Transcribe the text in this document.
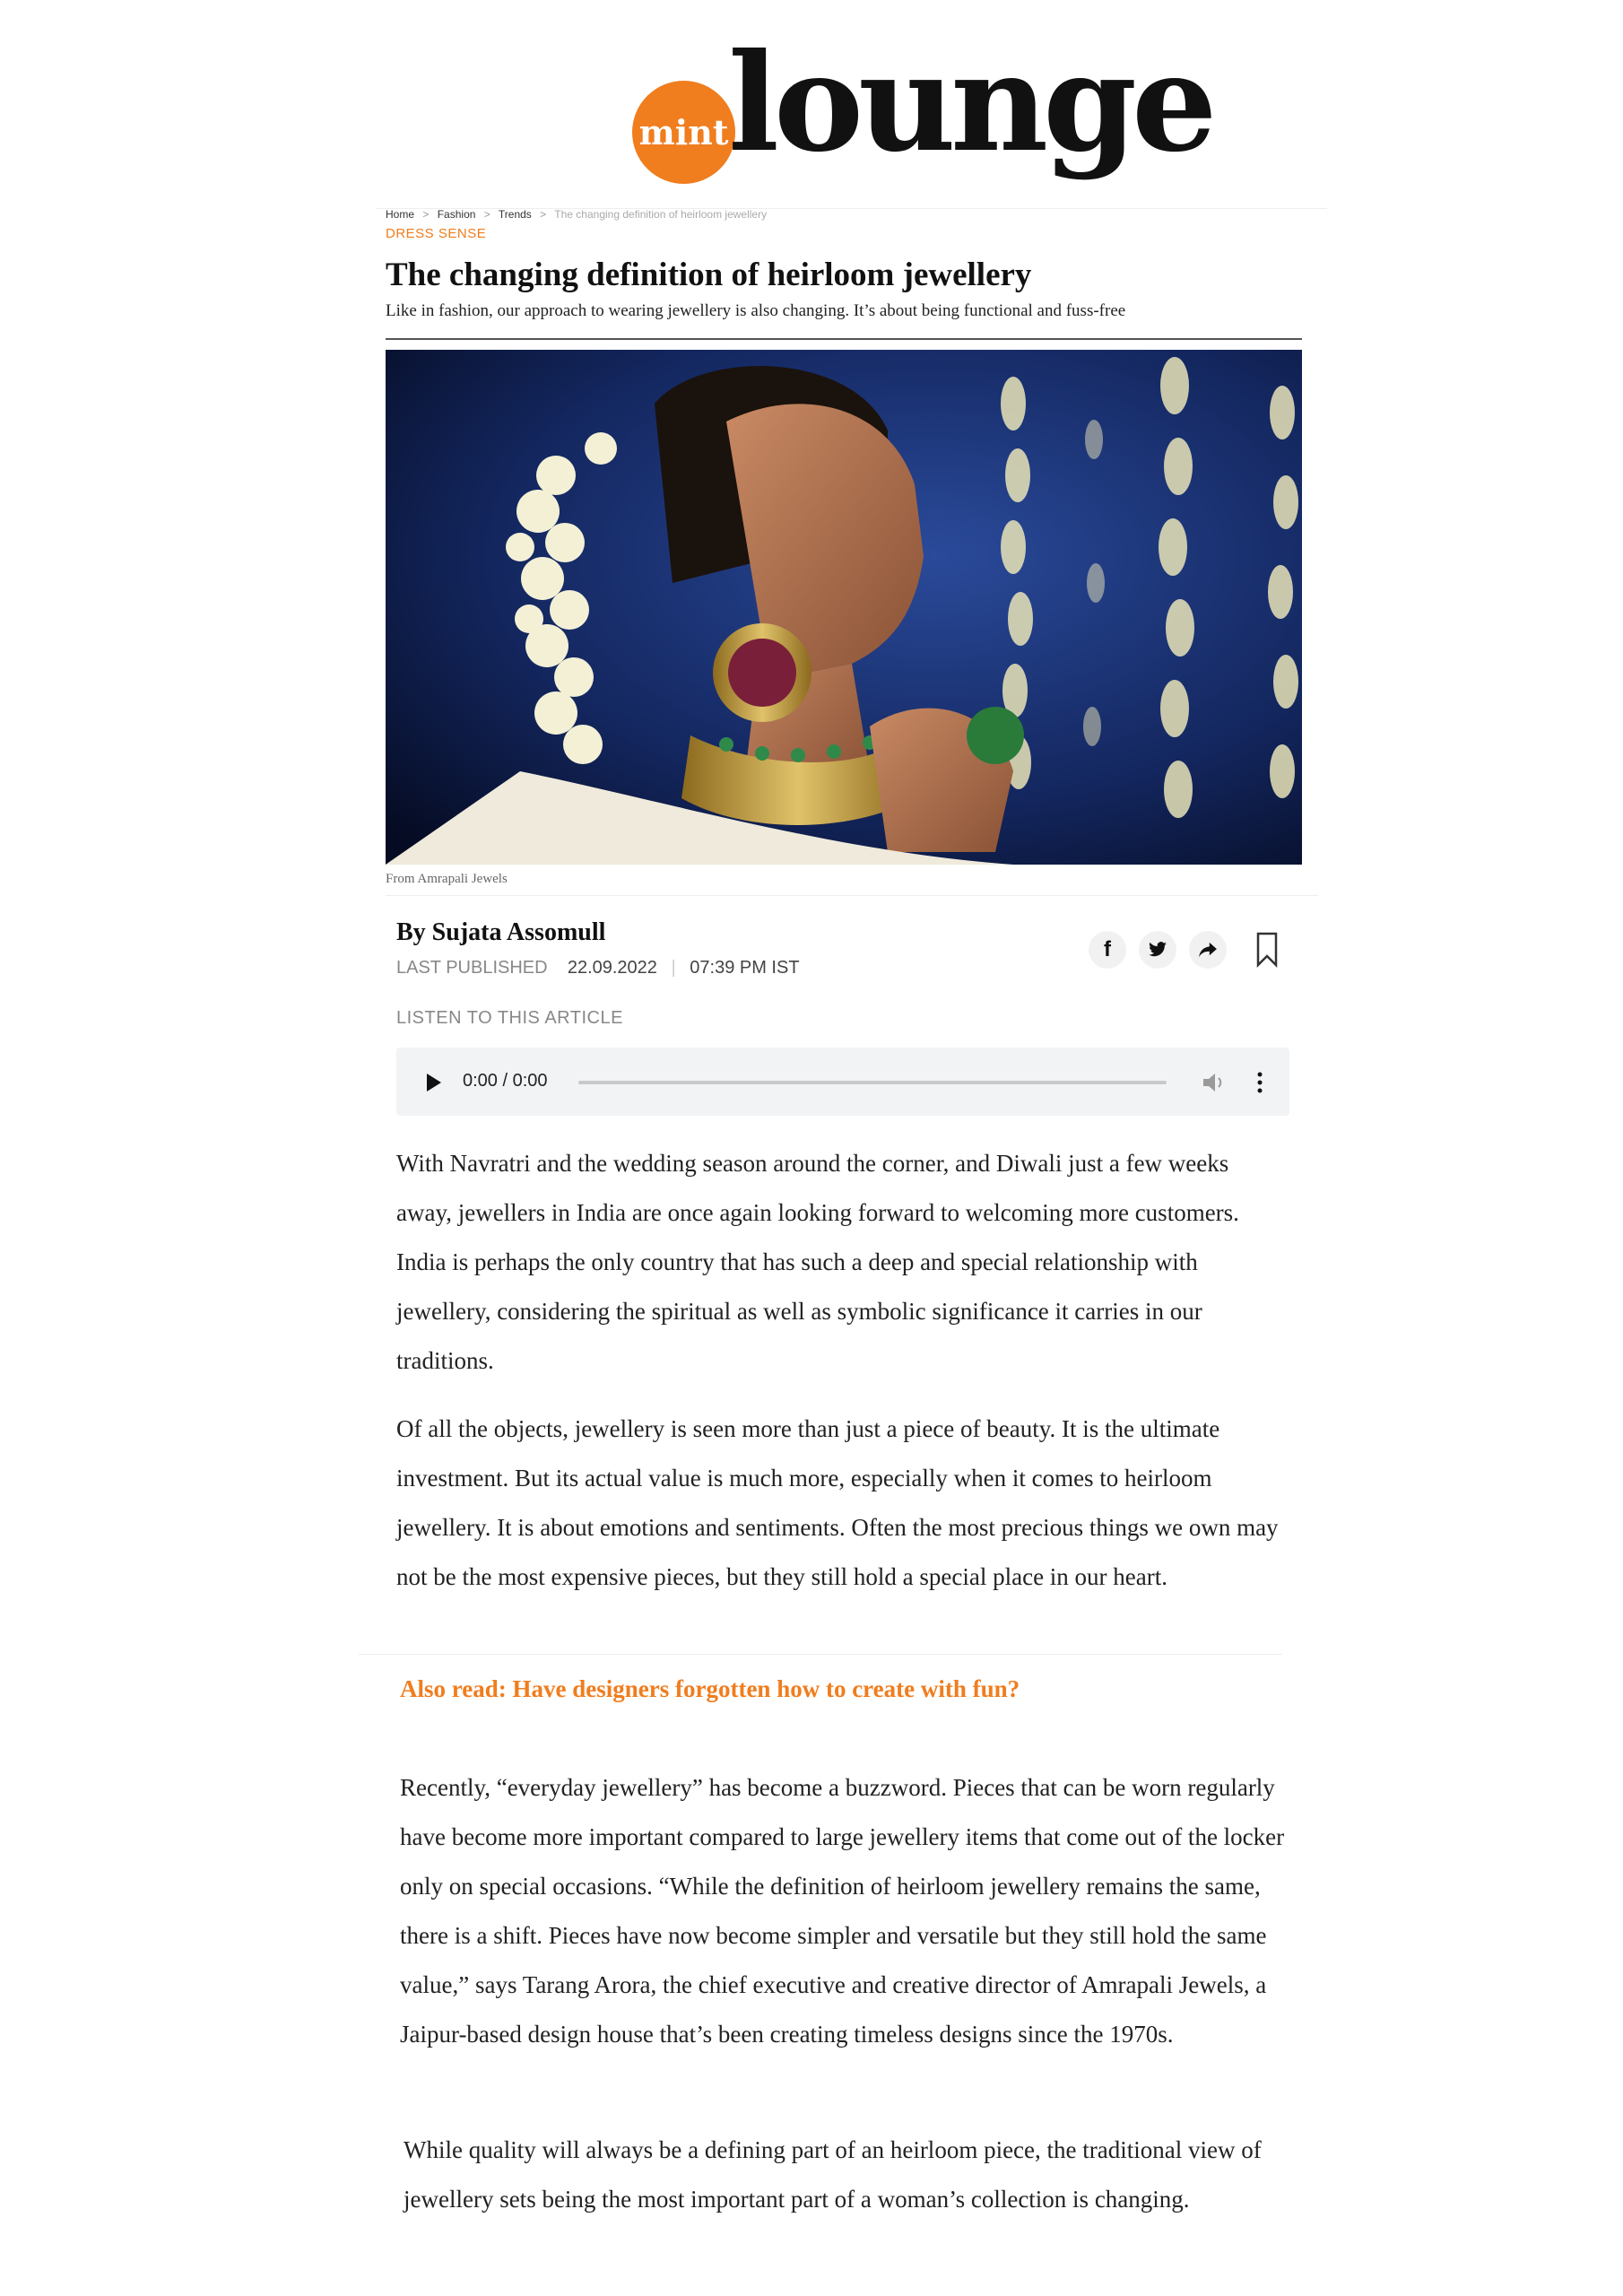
mint lounge
Home > Fashion > Trends > The changing definition of heirloom jewellery
DRESS SENSE
The changing definition of heirloom jewellery
Like in fashion, our approach to wearing jewellery is also changing. It’s about being functional and fuss-free
From Amrapali Jewels
By Sujata Assomull
LAST PUBLISHED 22.09.2022 | 07:39 PM IST
f
LISTEN TO THIS ARTICLE
0:00 / 0:00

With Navratri and the wedding season around the corner, and Diwali just a few weeks away, jewellers in India are once again looking forward to welcoming more customers. India is perhaps the only country that has such a deep and special relationship with jewellery, considering the spiritual as well as symbolic significance it carries in our traditions.

Of all the objects, jewellery is seen more than just a piece of beauty. It is the ultimate investment. But its actual value is much more, especially when it comes to heirloom jewellery. It is about emotions and sentiments. Often the most precious things we own may not be the most expensive pieces, but they still hold a special place in our heart.

Also read: Have designers forgotten how to create with fun?

Recently, “everyday jewellery” has become a buzzword. Pieces that can be worn regularly have become more important compared to large jewellery items that come out of the locker only on special occasions. “While the definition of heirloom jewellery remains the same, there is a shift. Pieces have now become simpler and versatile but they still hold the same value,” says Tarang Arora, the chief executive and creative director of Amrapali Jewels, a Jaipur-based design house that’s been creating timeless designs since the 1970s.

While quality will always be a defining part of an heirloom piece, the traditional view of jewellery sets being the most important part of a woman’s collection is changing.
